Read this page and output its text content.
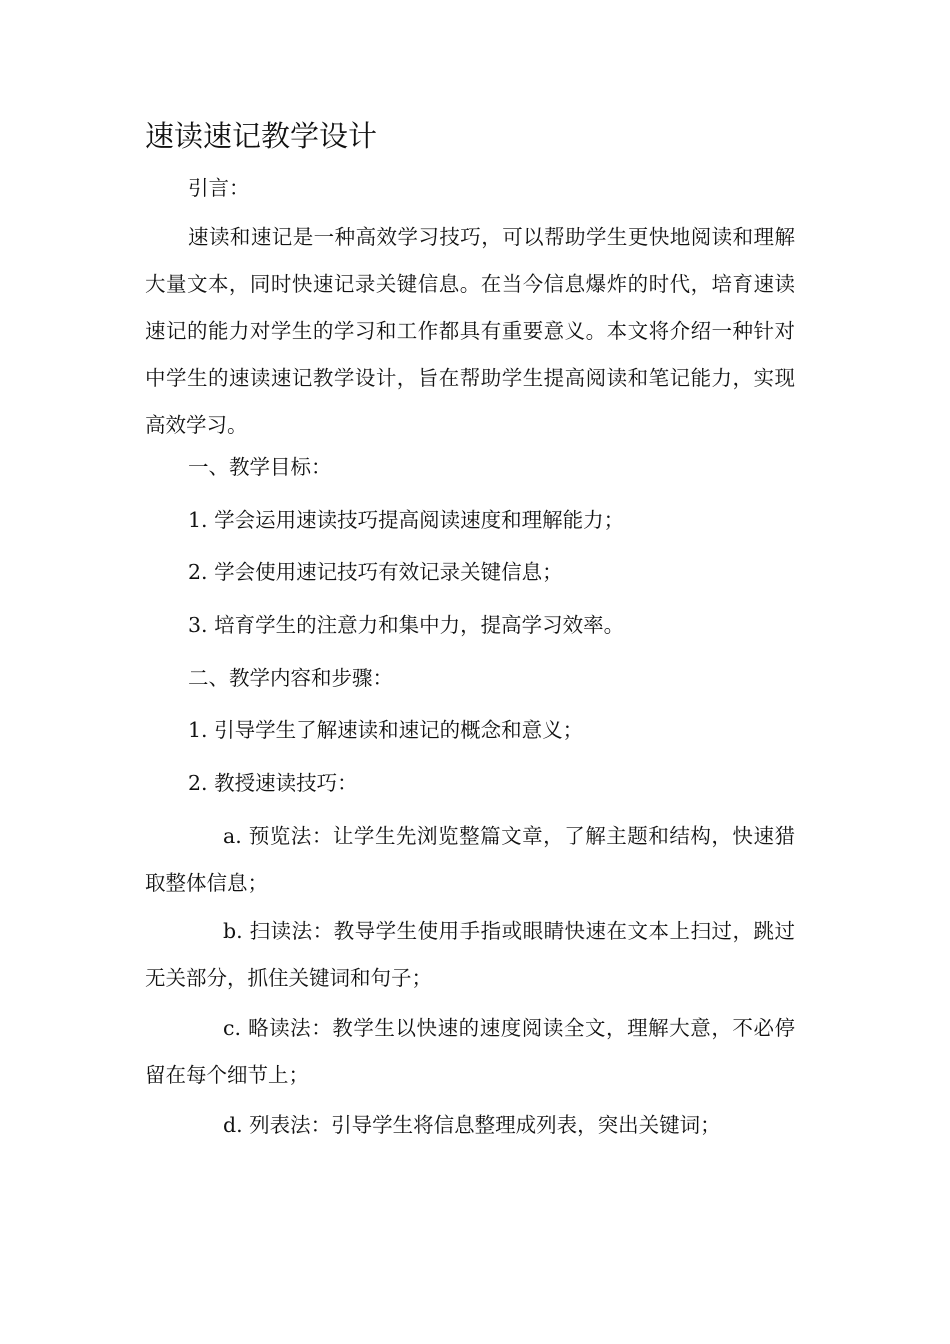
速读速记教学设计

引言：

速读和速记是一种高效学习技巧，可以帮助学生更快地阅读和理解大量文本，同时快速记录关键信息。在当今信息爆炸的时代，培育速读速记的能力对学生的学习和工作都具有重要意义。本文将介绍一种针对中学生的速读速记教学设计，旨在帮助学生提高阅读和笔记能力，实现高效学习。

一、教学目标：

1. 学会运用速读技巧提高阅读速度和理解能力；

2. 学会使用速记技巧有效记录关键信息；

3. 培育学生的注意力和集中力，提高学习效率。

二、教学内容和步骤：

1. 引导学生了解速读和速记的概念和意义；

2. 教授速读技巧：

a. 预览法：让学生先浏览整篇文章，了解主题和结构，快速猎取整体信息；

b. 扫读法：教导学生使用手指或眼睛快速在文本上扫过，跳过无关部分，抓住关键词和句子；

c. 略读法：教学生以快速的速度阅读全文，理解大意，不必停留在每个细节上；

d. 列表法：引导学生将信息整理成列表，突出关键词；
